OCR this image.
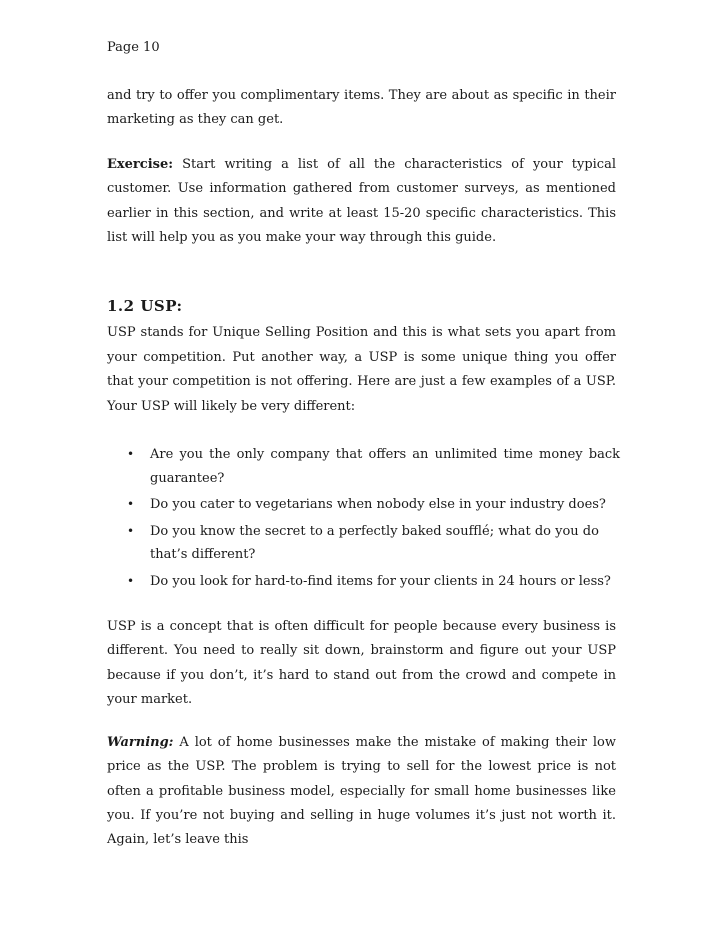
Page 10

and try to offer you complimentary items. They are about as specific in their marketing as they can get.

Exercise: Start writing a list of all the characteristics of your typical customer. Use information gathered from customer surveys, as mentioned earlier in this section, and write at least 15-20 specific characteristics. This list will help you as you make your way through this guide.

1.2 USP:

USP stands for Unique Selling Position and this is what sets you apart from your competition. Put another way, a USP is some unique thing you offer that your competition is not offering. Here are just a few examples of a USP. Your USP will likely be very different:

• Are you the only company that offers an unlimited time money back guarantee?
• Do you cater to vegetarians when nobody else in your industry does?
• Do you know the secret to a perfectly baked soufflé; what do you do that’s different?
• Do you look for hard-to-find items for your clients in 24 hours or less?

USP is a concept that is often difficult for people because every business is different. You need to really sit down, brainstorm and figure out your USP because if you don’t, it’s hard to stand out from the crowd and compete in your market.

Warning: A lot of home businesses make the mistake of making their low price as the USP. The problem is trying to sell for the lowest price is not often a profitable business model, especially for small home businesses like you. If you’re not buying and selling in huge volumes it’s just not worth it. Again, let’s leave this
